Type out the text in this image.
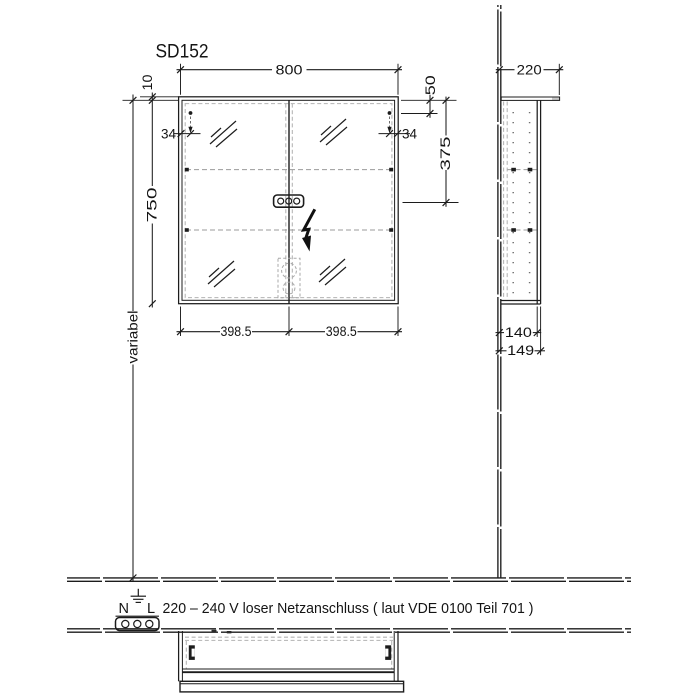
SD152
800
10
750
variabel
34	34
50
375
398.5	398.5
220
140
149
N L 220 – 240 V loser Netzanschluss ( laut VDE 0100 Teil 701 )
